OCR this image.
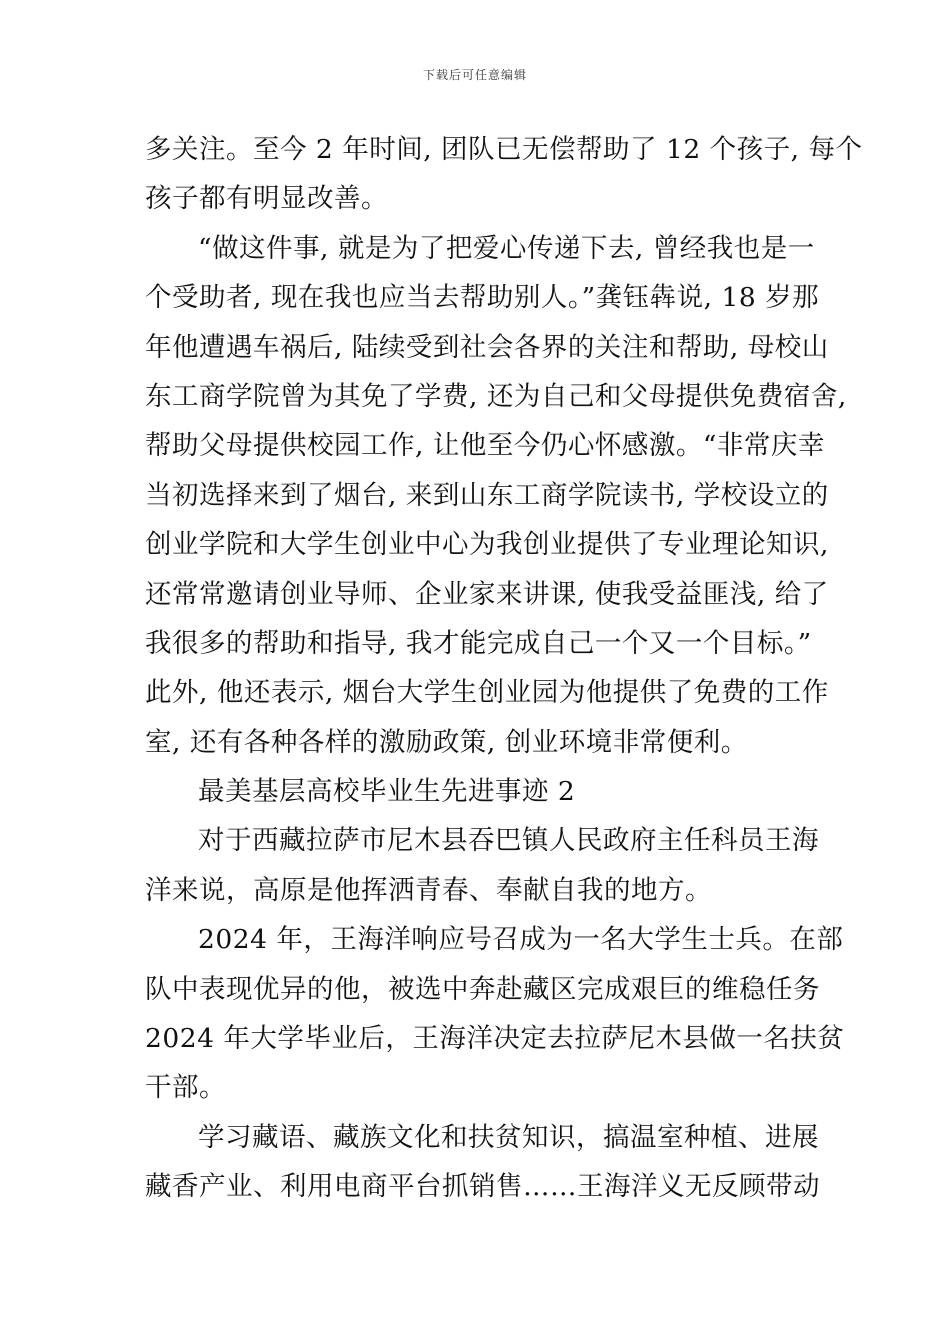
下载后可任意编辑
多关注。至今 2 年时间, 团队已无偿帮助了 12 个孩子, 每个
孩子都有明显改善。
“做这件事, 就是为了把爱心传递下去, 曾经我也是一
个受助者, 现在我也应当去帮助别人。”龚钰犇说, 18 岁那
年他遭遇车祸后, 陆续受到社会各界的关注和帮助, 母校山
东工商学院曾为其免了学费, 还为自己和父母提供免费宿舍,
帮助父母提供校园工作, 让他至今仍心怀感激。“非常庆幸
当初选择来到了烟台, 来到山东工商学院读书, 学校设立的
创业学院和大学生创业中心为我创业提供了专业理论知识,
还常常邀请创业导师、企业家来讲课, 使我受益匪浅, 给了
我很多的帮助和指导, 我才能完成自己一个又一个目标。”
此外, 他还表示, 烟台大学生创业园为他提供了免费的工作
室, 还有各种各样的激励政策, 创业环境非常便利。
最美基层高校毕业生先进事迹 2
对于西藏拉萨市尼木县吞巴镇人民政府主任科员王海
洋来说，高原是他挥洒青春、奉献自我的地方。
2024 年，王海洋响应号召成为一名大学生士兵。在部
队中表现优异的他，被选中奔赴藏区完成艰巨的维稳任务
2024 年大学毕业后，王海洋决定去拉萨尼木县做一名扶贫
干部。
学习藏语、藏族文化和扶贫知识，搞温室种植、进展
藏香产业、利用电商平台抓销售……王海洋义无反顾带动
